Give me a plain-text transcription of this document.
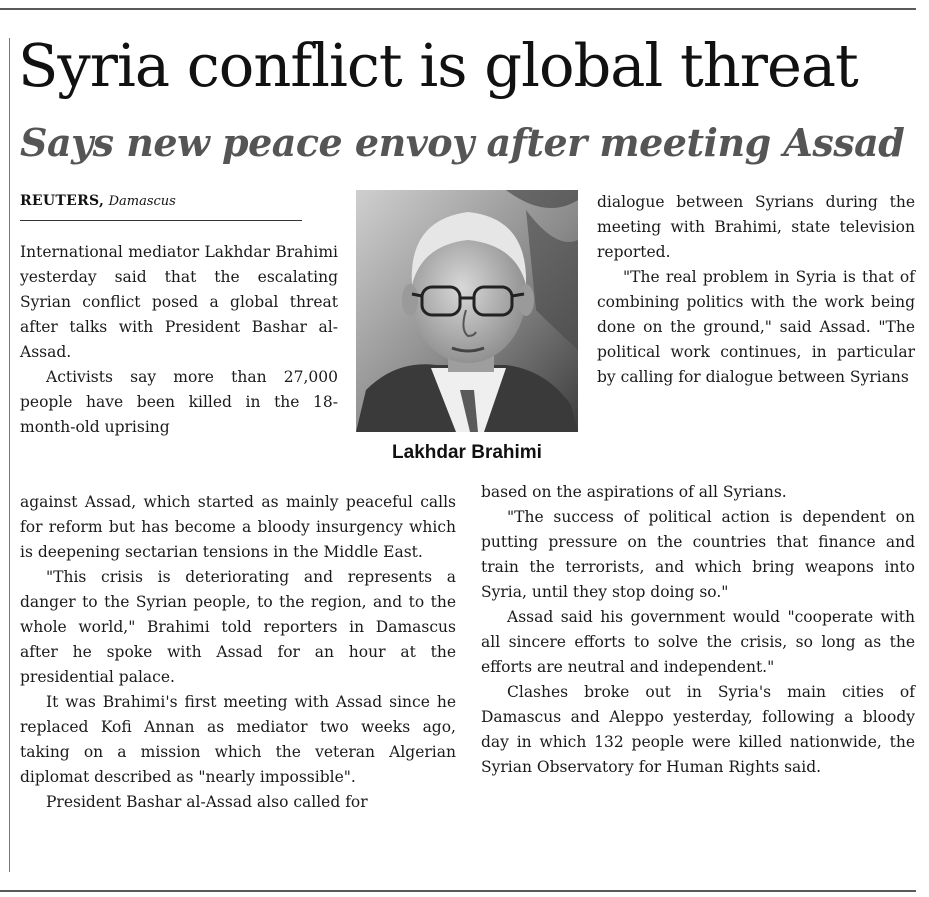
Syria conflict is global threat
Says new peace envoy after meeting Assad
REUTERS, Damascus

International mediator Lakhdar Brahimi yesterday said that the escalating Syrian conflict posed a global threat after talks with President Bashar al-Assad.

Activists say more than 27,000 people have been killed in the 18-month-old uprising

against Assad, which started as mainly peaceful calls for reform but has become a bloody insurgency which is deepening sectarian tensions in the Middle East.

"This crisis is deteriorating and represents a danger to the Syrian people, to the region, and to the whole world," Brahimi told reporters in Damascus after he spoke with Assad for an hour at the presidential palace.

It was Brahimi's first meeting with Assad since he replaced Kofi Annan as mediator two weeks ago, taking on a mission which the veteran Algerian diplomat described as "nearly impossible".

President Bashar al-Assad also called for

Lakhdar Brahimi

dialogue between Syrians during the meeting with Brahimi, state television reported.

"The real problem in Syria is that of combining politics with the work being done on the ground," said Assad. "The political work continues, in particular by calling for dialogue between Syrians

based on the aspirations of all Syrians.

"The success of political action is dependent on putting pressure on the countries that finance and train the terrorists, and which bring weapons into Syria, until they stop doing so."

Assad said his government would "cooperate with all sincere efforts to solve the crisis, so long as the efforts are neutral and independent."

Clashes broke out in Syria's main cities of Damascus and Aleppo yesterday, following a bloody day in which 132 people were killed nationwide, the Syrian Observatory for Human Rights said.
